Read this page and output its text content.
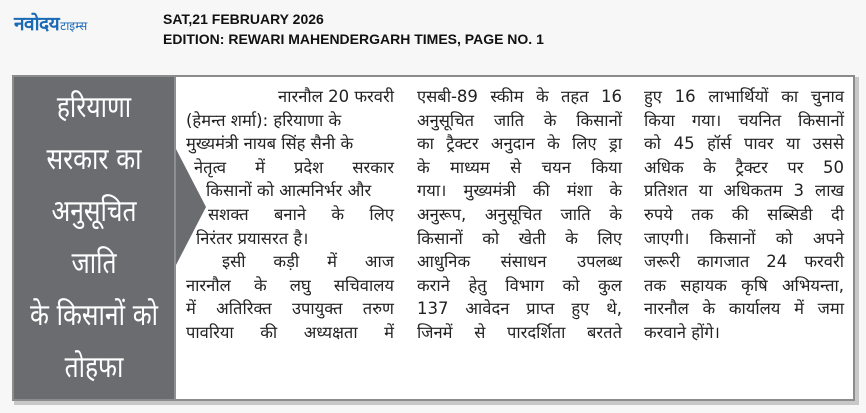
नवोदय टाइम्स	SAT,21 FEBRUARY 2026
EDITION: REWARI MAHENDERGARH TIMES, PAGE NO. 1
हरियाणा
सरकार का
अनुसूचित जाति
के किसानों को
तोहफा

नारनौल 20 फरवरी

(हेमन्त शर्मा): हरियाणा के

मुख्यमंत्री नायब सिंह सैनी के

नेतृत्व में प्रदेश सरकार

किसानों को आत्मनिर्भर और

सशक्त बनाने के लिए

निरंतर प्रयासरत है।

इसी कड़ी में आज

नारनौल के लघु सचिवालय

में अतिरिक्त उपायुक्त तरुण

पावरिया की अध्यक्षता में

एसबी-89 स्कीम के तहत 16

अनुसूचित जाति के किसानों

का ट्रैक्टर अनुदान के लिए ड्रा

के माध्यम से चयन किया

गया। मुख्यमंत्री की मंशा के

अनुरूप, अनुसूचित जाति के

किसानों को खेती के लिए

आधुनिक संसाधन उपलब्ध

कराने हेतु विभाग को कुल

137 आवेदन प्राप्त हुए थे,

जिनमें से पारदर्शिता बरतते

हुए 16 लाभार्थियों का चुनाव

किया गया। चयनित किसानों

को 45 हॉर्स पावर या उससे

अधिक के ट्रैक्टर पर 50

प्रतिशत या अधिकतम 3 लाख

रुपये तक की सब्सिडी दी

जाएगी। किसानों को अपने

जरूरी कागजात 24 फरवरी

तक सहायक कृषि अभियन्ता,

नारनौल के कार्यालय में जमा

करवाने होंगे।
